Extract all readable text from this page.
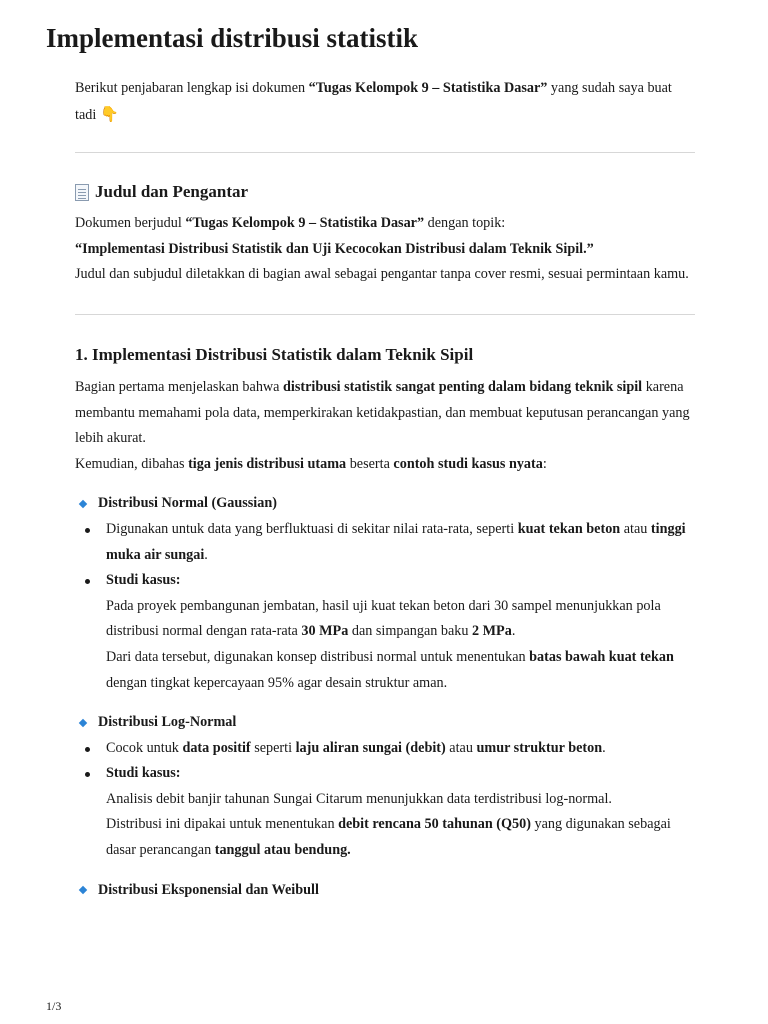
Implementasi distribusi statistik

Berikut penjabaran lengkap isi dokumen “Tugas Kelompok 9 – Statistika Dasar” yang sudah saya buat tadi 👇

Judul dan Pengantar

Dokumen berjudul “Tugas Kelompok 9 – Statistika Dasar” dengan topik:
“Implementasi Distribusi Statistik dan Uji Kecocokan Distribusi dalam Teknik Sipil.”
Judul dan subjudul diletakkan di bagian awal sebagai pengantar tanpa cover resmi, sesuai permintaan kamu.

1. Implementasi Distribusi Statistik dalam Teknik Sipil

Bagian pertama menjelaskan bahwa distribusi statistik sangat penting dalam bidang teknik sipil karena membantu memahami pola data, memperkirakan ketidakpastian, dan membuat keputusan perancangan yang lebih akurat.
Kemudian, dibahas tiga jenis distribusi utama beserta contoh studi kasus nyata:

Distribusi Normal (Gaussian)
Digunakan untuk data yang berfluktuasi di sekitar nilai rata-rata, seperti kuat tekan beton atau tinggi muka air sungai.
Studi kasus:
Pada proyek pembangunan jembatan, hasil uji kuat tekan beton dari 30 sampel menunjukkan pola distribusi normal dengan rata-rata 30 MPa dan simpangan baku 2 MPa.
Dari data tersebut, digunakan konsep distribusi normal untuk menentukan batas bawah kuat tekan dengan tingkat kepercayaan 95% agar desain struktur aman.
Distribusi Log-Normal
Cocok untuk data positif seperti laju aliran sungai (debit) atau umur struktur beton.
Studi kasus:
Analisis debit banjir tahunan Sungai Citarum menunjukkan data terdistribusi log-normal.
Distribusi ini dipakai untuk menentukan debit rencana 50 tahunan (Q50) yang digunakan sebagai dasar perancangan tanggul atau bendung.
Distribusi Eksponensial dan Weibull
1/3
